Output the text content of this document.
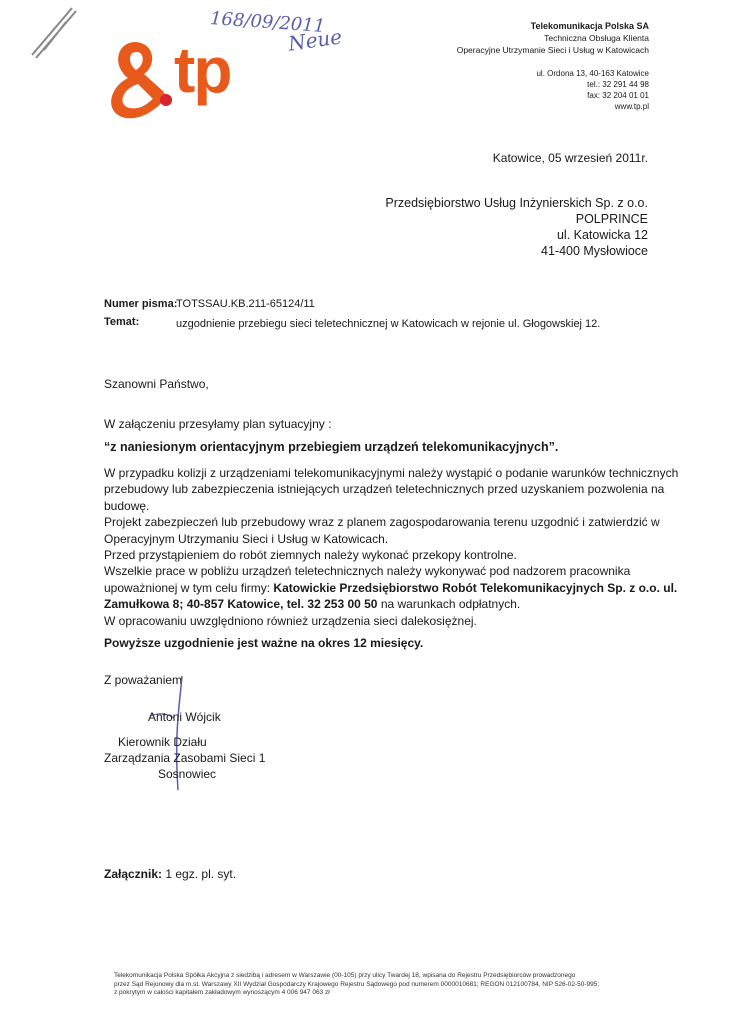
tp
168/09/2011
Neue	Telekomunikacja Polska SA
Techniczna Obsługa Klienta
Operacyjne Utrzymanie Sieci i Usług w Katowicach
ul. Ordona 13, 40-163 Katowice
tel.: 32 291 44 98
fax: 32 204 01 01
www.tp.pl
Katowice, 05 wrzesień 2011r.
Przedsiębiorstwo Usług Inżynierskich Sp. z o.o.
POLPRINCE
ul. Katowicka 12
41-400 Mysłowioce
Numer pisma:
TOTSSAU.KB.211-65124/11
Temat:	uzgodnienie przebiegu sieci teletechnicznej w Katowicach w rejonie ul. Głogowskiej 12.
Szanowni Państwo,
W załączeniu przesyłamy plan sytuacyjny :
“z naniesionym orientacyjnym przebiegiem urządzeń telekomunikacyjnych”.

W przypadku kolizji z urządzeniami telekomunikacyjnymi należy wystąpić o podanie warunków technicznych przebudowy lub zabezpieczenia istniejących urządzeń teletechnicznych przed uzyskaniem pozwolenia na budowę.

Projekt zabezpieczeń lub przebudowy wraz z planem zagospodarowania terenu uzgodnić i zatwierdzić w Operacyjnym Utrzymaniu Sieci i Usług w Katowicach.

Przed przystąpieniem do robót ziemnych należy wykonać przekopy kontrolne.

Wszelkie prace w pobliżu urządzeń teletechnicznych należy wykonywać pod nadzorem pracownika upoważnionej w tym celu firmy: Katowickie Przedsiębiorstwo Robót Telekomunikacyjnych Sp. z o.o. ul. Zamułkowa 8; 40-857 Katowice, tel. 32 253 00 50 na warunkach odpłatnych.

W opracowaniu uwzględniono również urządzenia sieci dalekosiężnej.

Powyższe uzgodnienie jest ważne na okres 12 miesięcy.
Z poważaniem
Antoni Wójcik
Kierownik Działu
Zarządzania Zasobami Sieci 1
Sosnowiec
Załącznik: 1 egz. pl. syt.
Telekomunikacja Polska Spółka Akcyjna z siedzibą i adresem w Warszawie (00-105) przy ulicy Twardej 18, wpisana do Rejestru Przedsiębiorców prowadzonego
przez Sąd Rejonowy dla m.st. Warszawy XII Wydział Gospodarczy Krajowego Rejestru Sądowego pod numerem 0000010681; REGON 012100784, NIP 526-02-50-995;
z pokrytym w całości kapitałem zakładowym wynoszącym 4 006 947 063 zł
